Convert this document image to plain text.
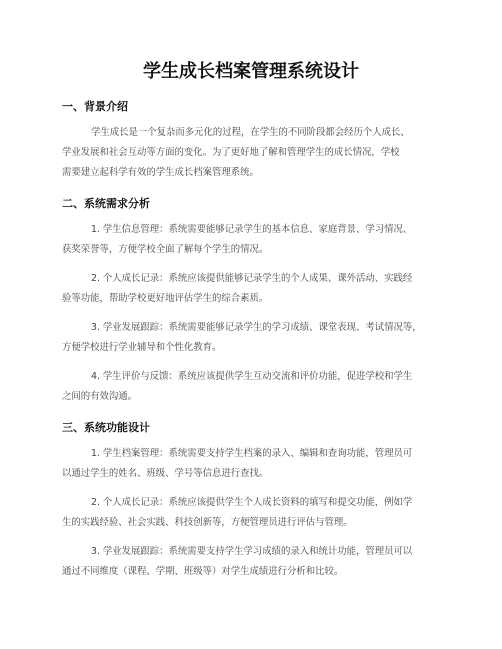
学生成长档案管理系统设计
一、背景介绍
学生成长是一个复杂而多元化的过程，在学生的不同阶段都会经历个人成长、
学业发展和社会互动等方面的变化。为了更好地了解和管理学生的成长情况，学校
需要建立起科学有效的学生成长档案管理系统。
二、系统需求分析
1. 学生信息管理：系统需要能够记录学生的基本信息、家庭背景、学习情况、
获奖荣誉等，方便学校全面了解每个学生的情况。
2. 个人成长记录：系统应该提供能够记录学生的个人成果、课外活动、实践经
验等功能，帮助学校更好地评估学生的综合素质。
3. 学业发展跟踪：系统需要能够记录学生的学习成绩、课堂表现、考试情况等，
方便学校进行学业辅导和个性化教育。
4. 学生评价与反馈：系统应该提供学生互动交流和评价功能，促进学校和学生
之间的有效沟通。
三、系统功能设计
1. 学生档案管理：系统需要支持学生档案的录入、编辑和查询功能，管理员可
以通过学生的姓名、班级、学号等信息进行查找。
2. 个人成长记录：系统应该提供学生个人成长资料的填写和提交功能，例如学
生的实践经验、社会实践、科技创新等，方便管理员进行评估与管理。
3. 学业发展跟踪：系统需要支持学生学习成绩的录入和统计功能，管理员可以
通过不同维度（课程、学期、班级等）对学生成绩进行分析和比较。
